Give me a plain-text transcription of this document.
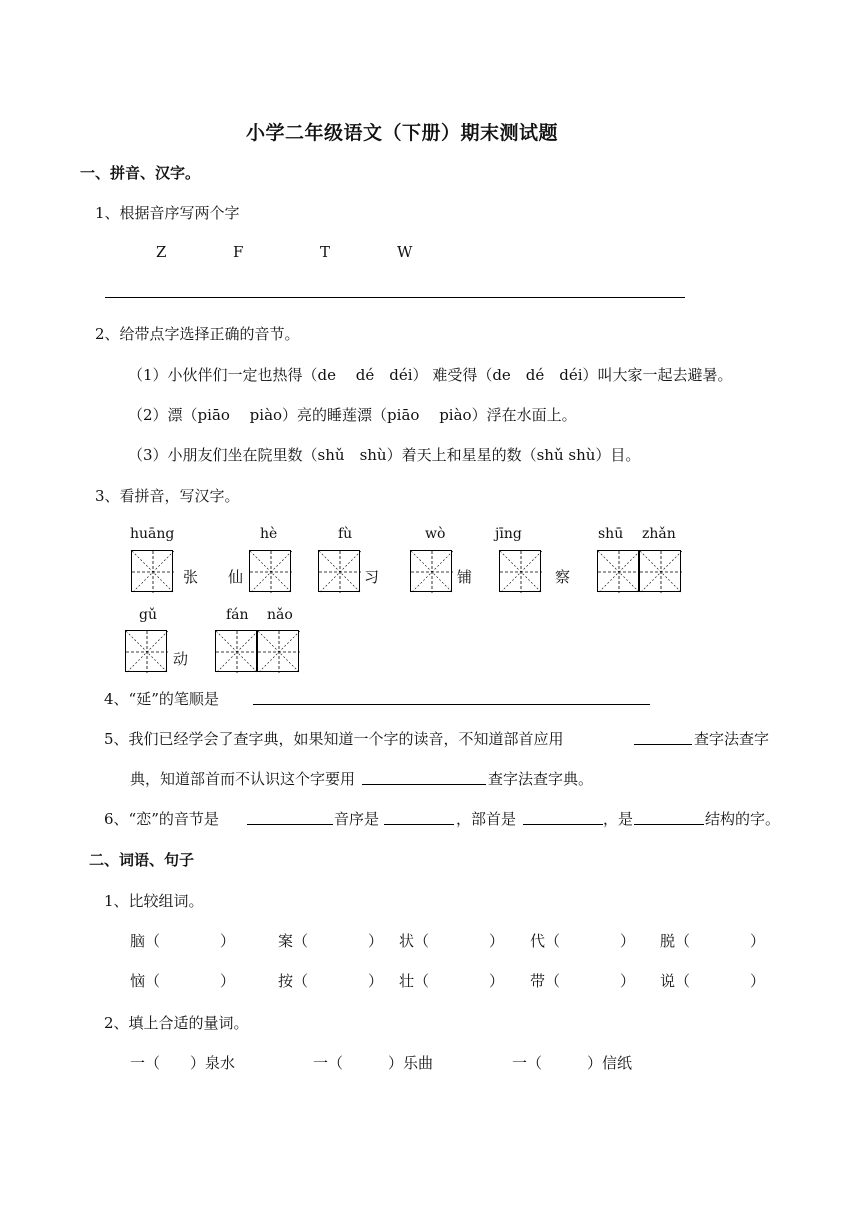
小学二年级语文（下册）期末测试题
一、拼音、汉字。
1、根据音序写两个字
Z	F	T	W
2、给带点字选择正确的音节。
（1）小伙伴们一定也热得（de　 dé　déi） 难受得（de　dé　déi）叫大家一起去避暑。
（2）漂（piāo　 piào）亮的睡莲漂（piāo　 piào）浮在水面上。
（3）小朋友们坐在院里数（shǔ　shù）着天上和星星的数（shǔ shù）目。
3、看拼音，写汉字。
huāng	hè	fù	wò	jīng	shū zhǎn
张 仙	习	铺	察
gǔ	fán nǎo
动
4、“延”的笔顺是
5、我们已经学会了查字典，如果知道一个字的读音，不知道部首应用	查字法查字
典，知道部首而不认识这个字要用	查字法查字典。
6、“恋”的音节是	音序是	，部首是	，是	结构的字。
二、词语、句子
1、比较组词。
脑（　　　　）	案（　　　　） 状（　　　　） 代（　　　　） 脱（　　　　）
恼（　　　　）	按（　　　　） 壮（　　　　） 带（　　　　） 说（　　　　）
2、填上合适的量词。
一（　　）泉水	一（　　　）乐曲	一（　　　）信纸
